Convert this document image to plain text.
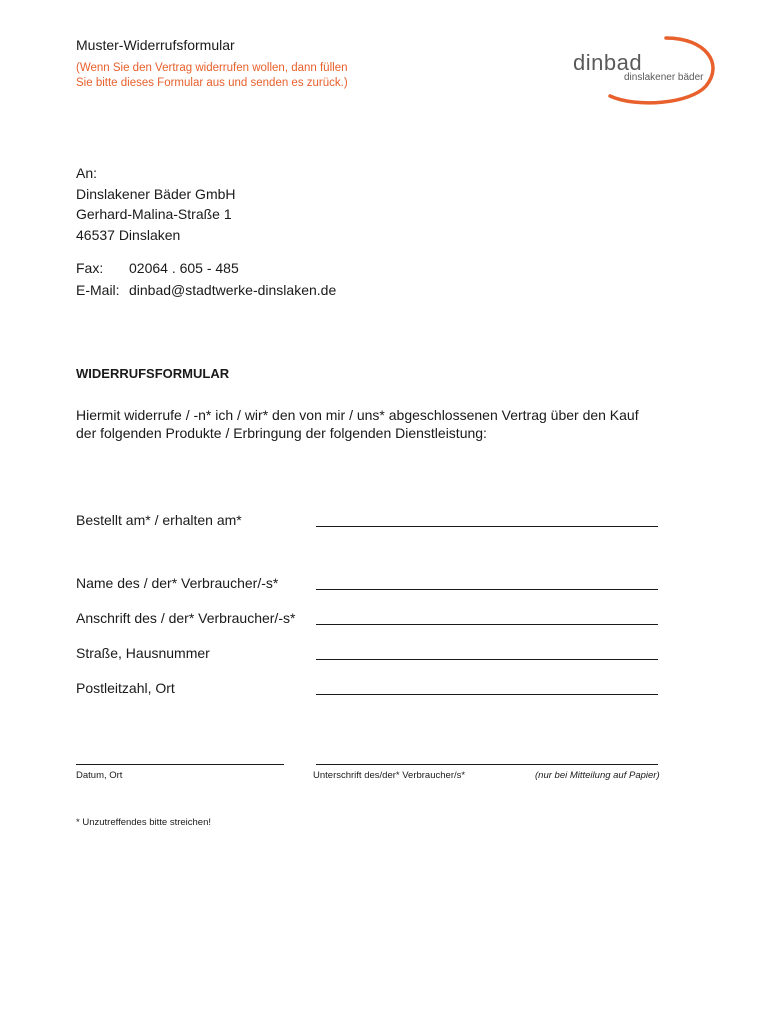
Muster-Widerrufsformular
(Wenn Sie den Vertrag widerrufen wollen, dann füllen
Sie bitte dieses Formular aus und senden es zurück.)
dinbad
dinslakener bäder
An:
Dinslakener Bäder GmbH
Gerhard-Malina-Straße 1
46537 Dinslaken
Fax: 02064 . 605 - 485
E-Mail: dinbad@stadtwerke-dinslaken.de
WIDERRUFSFORMULAR
Hiermit widerrufe / -n* ich / wir* den von mir / uns* abgeschlossenen Vertrag über den Kauf
der folgenden Produkte / Erbringung der folgenden Dienstleistung:
Bestellt am* / erhalten am*
Name des / der* Verbraucher/-s*
Anschrift des / der* Verbraucher/-s*
Straße, Hausnummer
Postleitzahl, Ort
Datum, Ort	Unterschrift des/der* Verbraucher/s*	(nur bei Mitteilung auf Papier)
* Unzutreffendes bitte streichen!
